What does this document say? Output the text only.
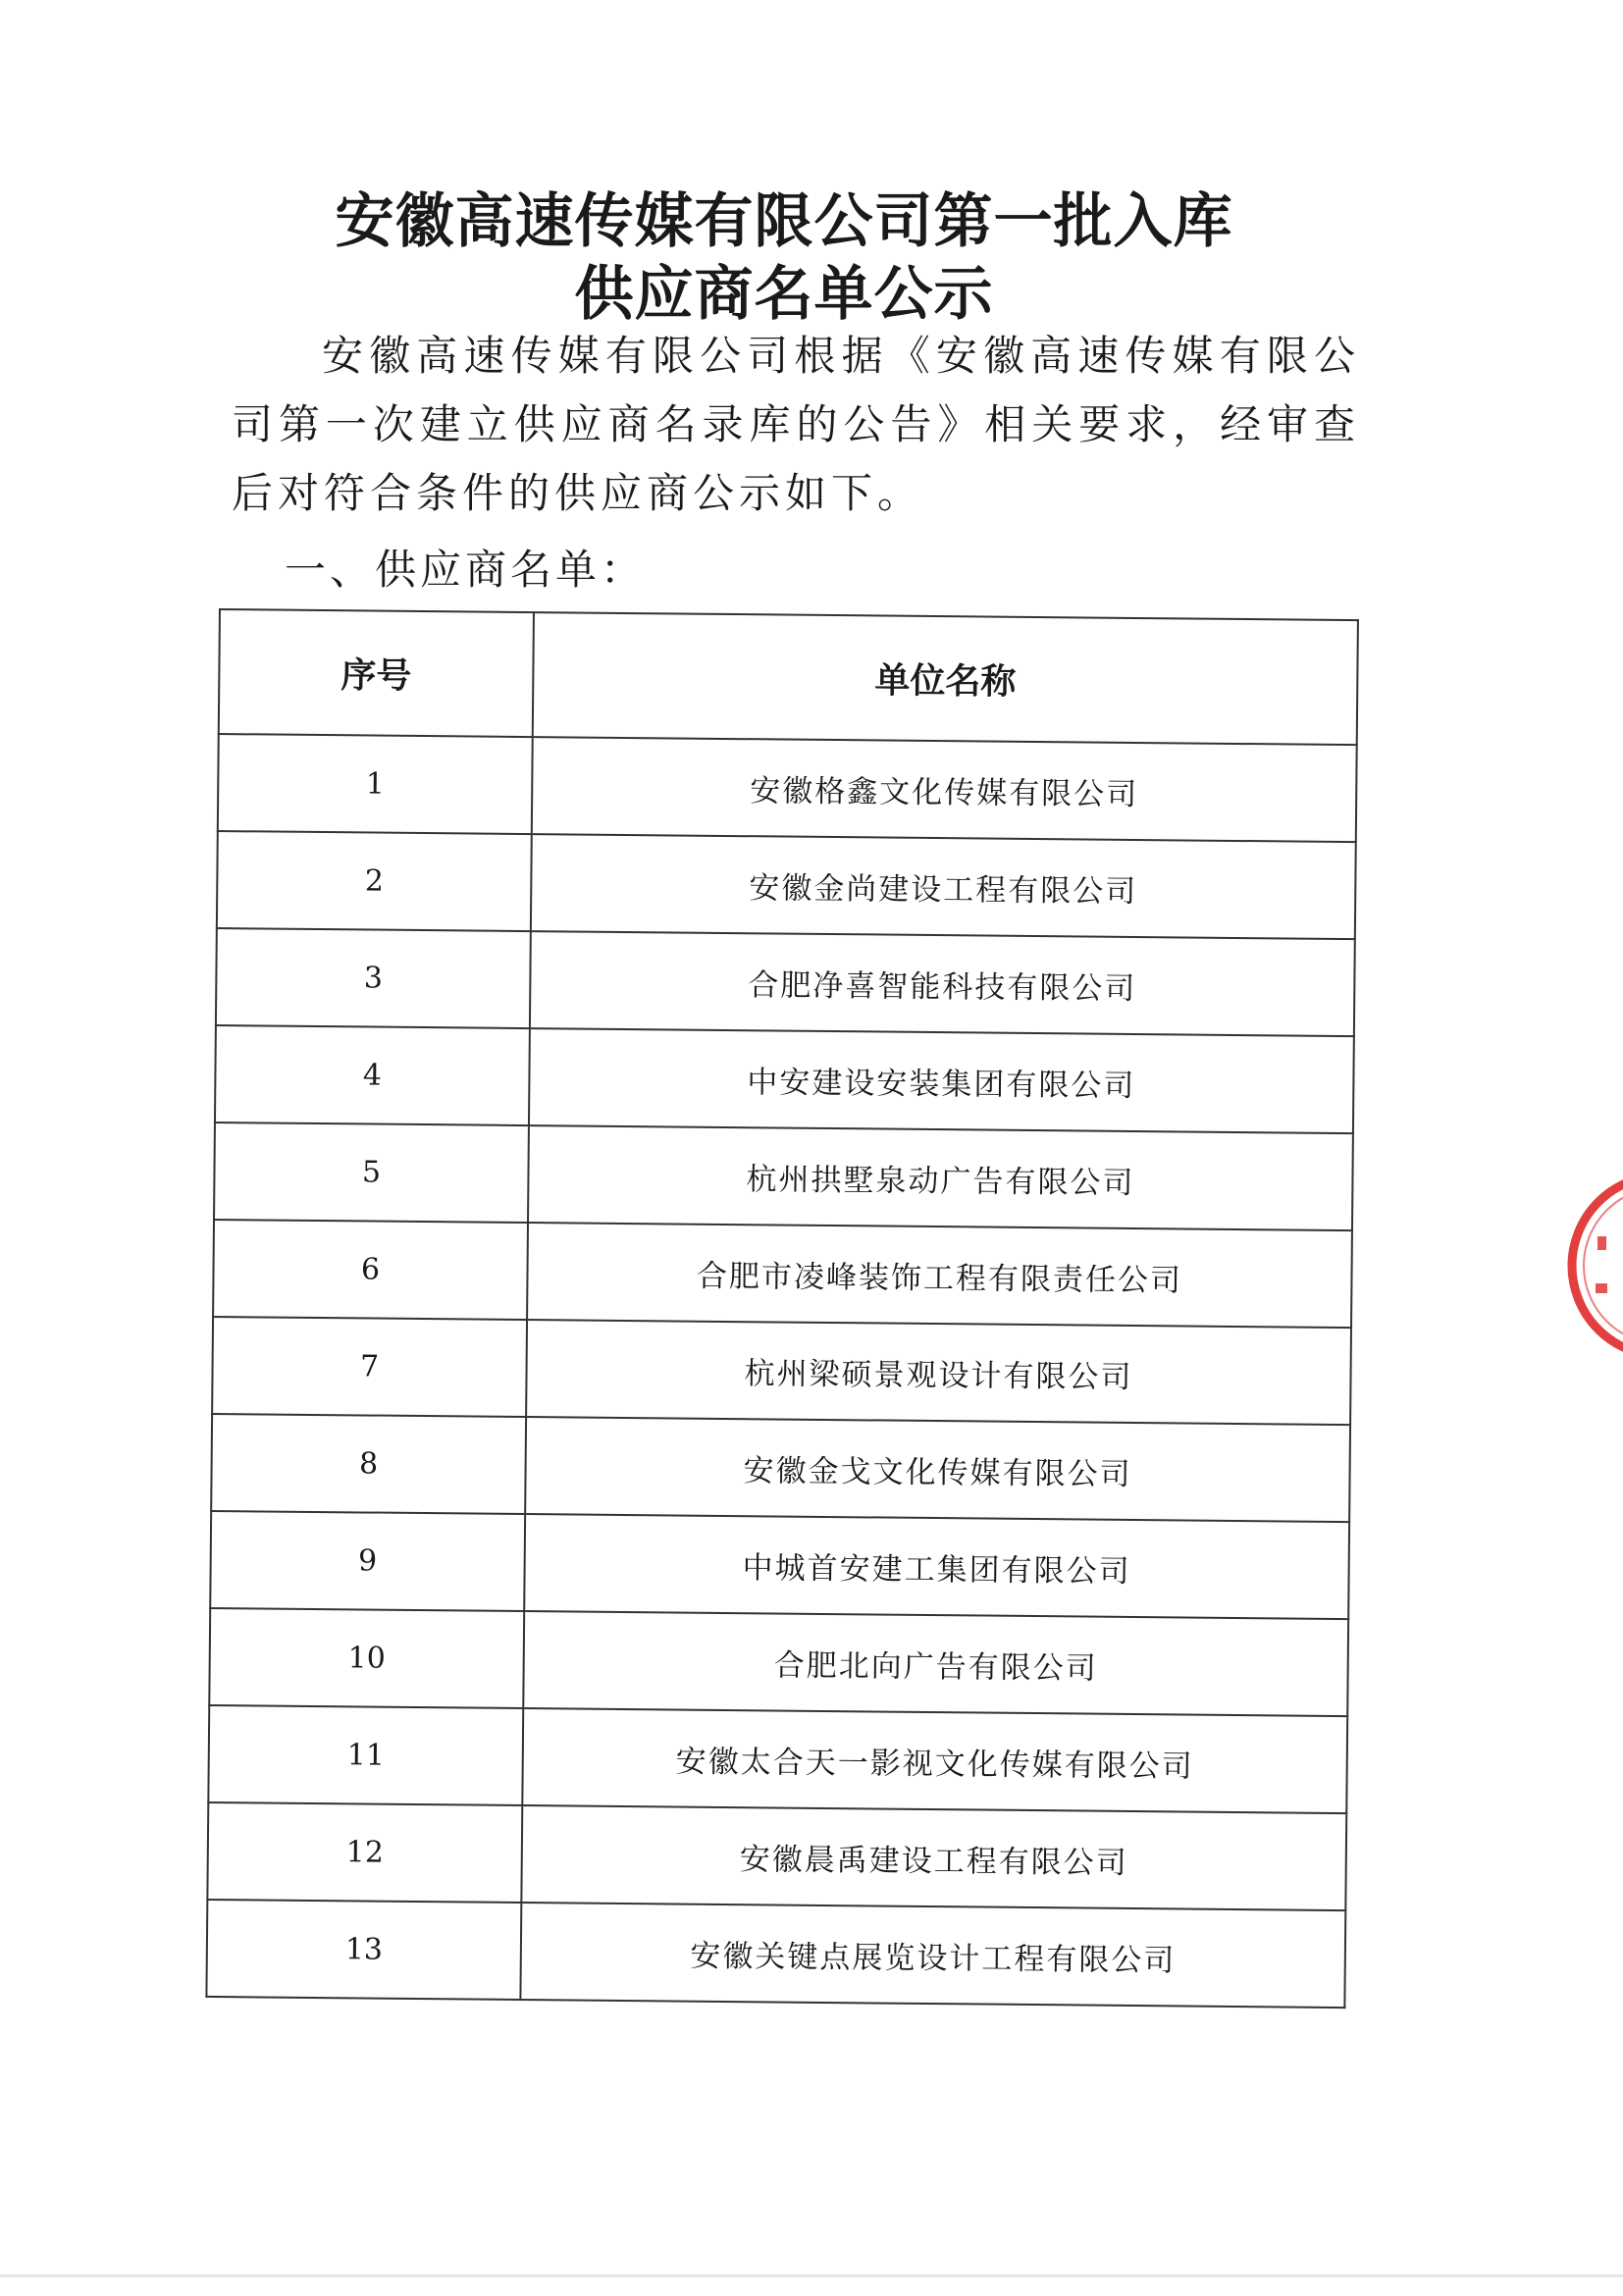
安徽高速传媒有限公司第一批入库
供应商名单公示

安徽高速传媒有限公司根据《安徽高速传媒有限公司第一次建立供应商名录库的公告》相关要求，经审查后对符合条件的供应商公示如下。

一、供应商名单：

序号	单位名称
1	安徽格鑫文化传媒有限公司
2	安徽金尚建设工程有限公司
3	合肥净喜智能科技有限公司
4	中安建设安装集团有限公司
5	杭州拱墅泉动广告有限公司
6	合肥市凌峰装饰工程有限责任公司
7	杭州梁硕景观设计有限公司
8	安徽金戈文化传媒有限公司
9	中城首安建工集团有限公司
10	合肥北向广告有限公司
11	安徽太合天一影视文化传媒有限公司
12	安徽晨禹建设工程有限公司
13	安徽关键点展览设计工程有限公司
